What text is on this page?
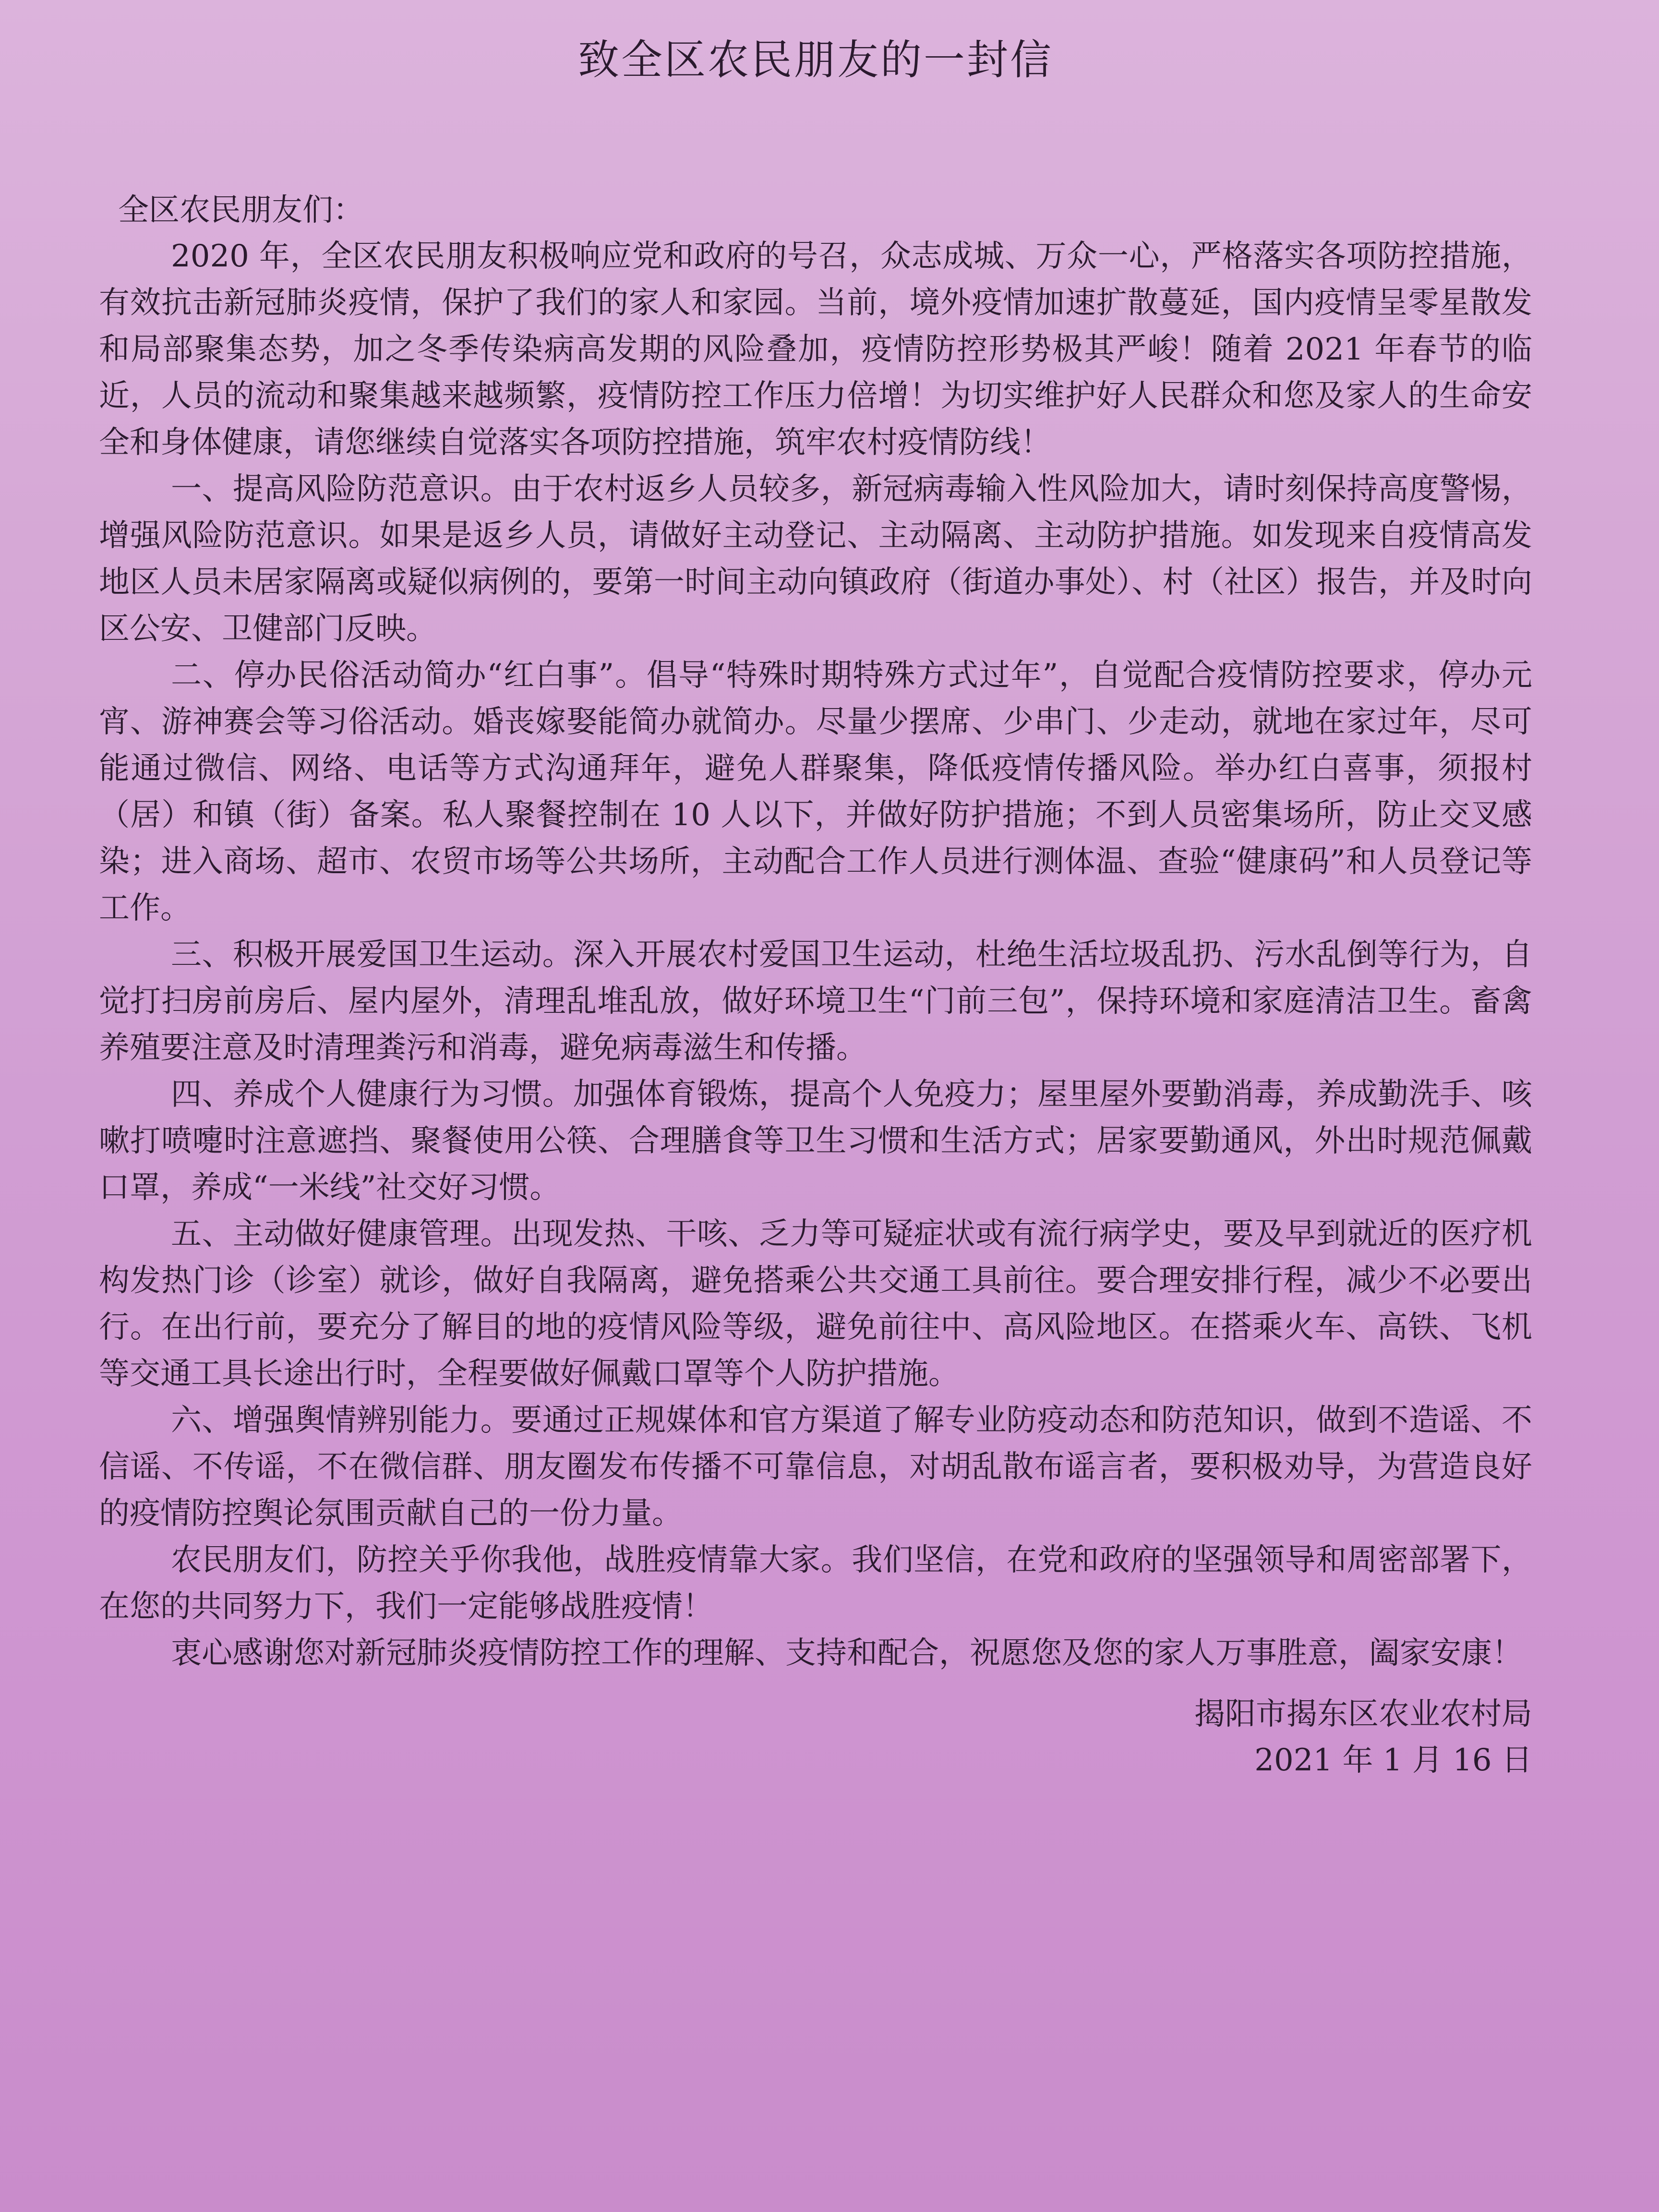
致全区农民朋友的一封信
全区农民朋友们：

2020 年，全区农民朋友积极响应党和政府的号召，众志成城、万众一心，严格落实各项防控措施，有效抗击新冠肺炎疫情，保护了我们的家人和家园。当前，境外疫情加速扩散蔓延，国内疫情呈零星散发和局部聚集态势，加之冬季传染病高发期的风险叠加，疫情防控形势极其严峻！随着 2021 年春节的临近，人员的流动和聚集越来越频繁，疫情防控工作压力倍增！为切实维护好人民群众和您及家人的生命安全和身体健康，请您继续自觉落实各项防控措施，筑牢农村疫情防线！

一、提高风险防范意识。由于农村返乡人员较多，新冠病毒输入性风险加大，请时刻保持高度警惕，增强风险防范意识。如果是返乡人员，请做好主动登记、主动隔离、主动防护措施。如发现来自疫情高发地区人员未居家隔离或疑似病例的，要第一时间主动向镇政府（街道办事处）、村（社区）报告，并及时向区公安、卫健部门反映。

二、停办民俗活动简办“红白事”。倡导“特殊时期特殊方式过年”，自觉配合疫情防控要求，停办元宵、游神赛会等习俗活动。婚丧嫁娶能简办就简办。尽量少摆席、少串门、少走动，就地在家过年，尽可能通过微信、网络、电话等方式沟通拜年，避免人群聚集，降低疫情传播风险。举办红白喜事，须报村（居）和镇（街）备案。私人聚餐控制在 10 人以下，并做好防护措施；不到人员密集场所，防止交叉感染；进入商场、超市、农贸市场等公共场所，主动配合工作人员进行测体温、查验“健康码”和人员登记等工作。

三、积极开展爱国卫生运动。深入开展农村爱国卫生运动，杜绝生活垃圾乱扔、污水乱倒等行为，自觉打扫房前房后、屋内屋外，清理乱堆乱放，做好环境卫生“门前三包”，保持环境和家庭清洁卫生。畜禽养殖要注意及时清理粪污和消毒，避免病毒滋生和传播。

四、养成个人健康行为习惯。加强体育锻炼，提高个人免疫力；屋里屋外要勤消毒，养成勤洗手、咳嗽打喷嚏时注意遮挡、聚餐使用公筷、合理膳食等卫生习惯和生活方式；居家要勤通风，外出时规范佩戴口罩，养成“一米线”社交好习惯。

五、主动做好健康管理。出现发热、干咳、乏力等可疑症状或有流行病学史，要及早到就近的医疗机构发热门诊（诊室）就诊，做好自我隔离，避免搭乘公共交通工具前往。要合理安排行程，减少不必要出行。在出行前，要充分了解目的地的疫情风险等级，避免前往中、高风险地区。在搭乘火车、高铁、飞机等交通工具长途出行时，全程要做好佩戴口罩等个人防护措施。

六、增强舆情辨别能力。要通过正规媒体和官方渠道了解专业防疫动态和防范知识，做到不造谣、不信谣、不传谣，不在微信群、朋友圈发布传播不可靠信息，对胡乱散布谣言者，要积极劝导，为营造良好的疫情防控舆论氛围贡献自己的一份力量。

农民朋友们，防控关乎你我他，战胜疫情靠大家。我们坚信，在党和政府的坚强领导和周密部署下，在您的共同努力下，我们一定能够战胜疫情！

衷心感谢您对新冠肺炎疫情防控工作的理解、支持和配合，祝愿您及您的家人万事胜意，阖家安康！

揭阳市揭东区农业农村局
2021 年 1 月 16 日
